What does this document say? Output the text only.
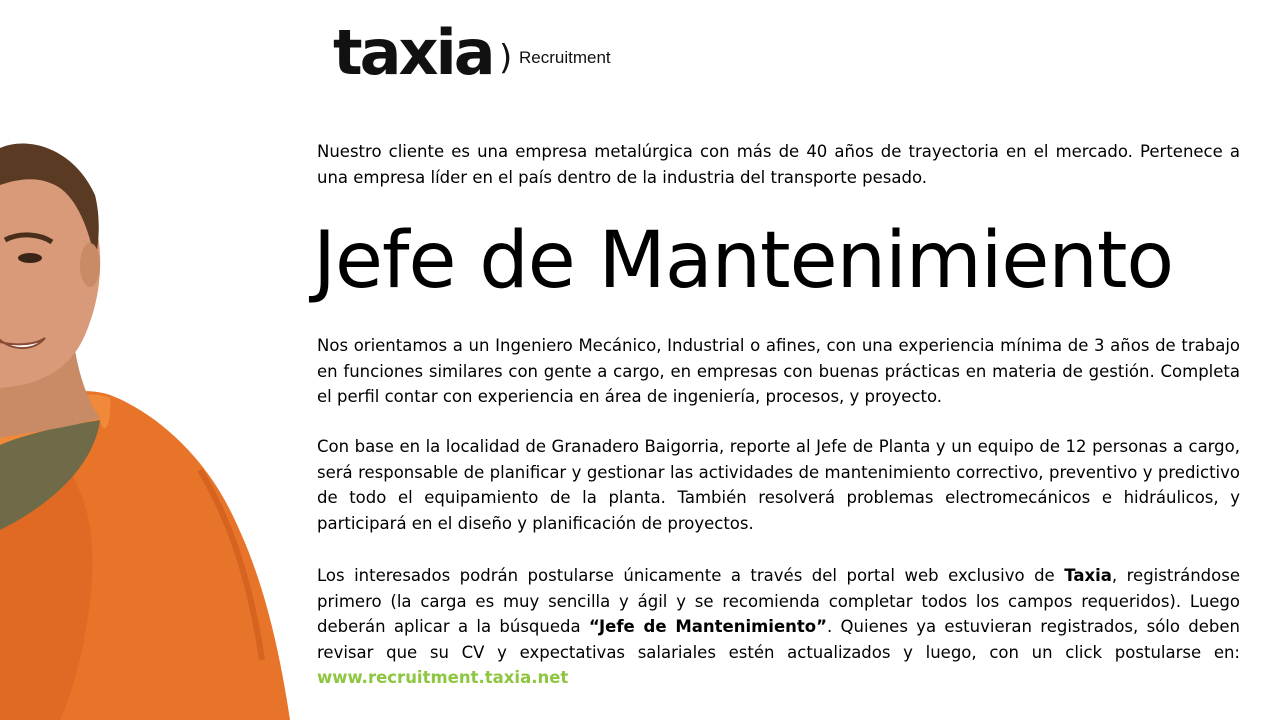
taxia ) Recruitment

Nuestro cliente es una empresa metalúrgica con más de 40 años de trayectoria en el mercado. Pertenece a una empresa líder en el país dentro de la industria del transporte pesado.

Jefe de Mantenimiento

Nos orientamos a un Ingeniero Mecánico, Industrial o afines, con una experiencia mínima de 3 años de trabajo en funciones similares con gente a cargo, en empresas con buenas prácticas en materia de gestión. Completa el perfil contar con experiencia en área de ingeniería, procesos, y proyecto.

Con base en la localidad de Granadero Baigorria, reporte al Jefe de Planta y un equipo de 12 personas a cargo, será responsable de planificar y gestionar las actividades de mantenimiento correctivo, preventivo y predictivo de todo el equipamiento de la planta. También resolverá problemas electromecánicos e hidráulicos, y participará en el diseño y planificación de proyectos.

Los interesados podrán postularse únicamente a través del portal web exclusivo de Taxia, registrándose primero (la carga es muy sencilla y ágil y se recomienda completar todos los campos requeridos). Luego deberán aplicar a la búsqueda “Jefe de Mantenimiento”. Quienes ya estuvieran registrados, sólo deben revisar que su CV y expectativas salariales estén actualizados y luego, con un click postularse en: www.recruitment.taxia.net
